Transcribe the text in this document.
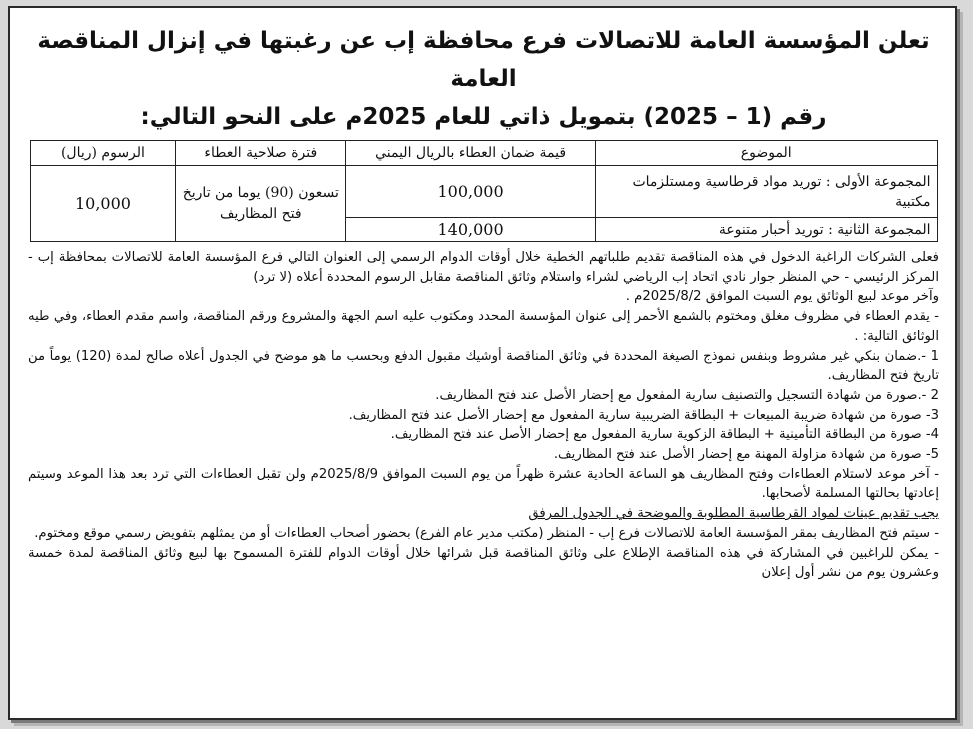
تعلن المؤسسة العامة للاتصالات فرع محافظة إب عن رغبتها في إنزال المناقصة العامة
رقم (1 – 2025) بتمويل ذاتي للعام 2025م على النحو التالي:
الموضوع	قيمة ضمان العطاء بالريال اليمني	فترة صلاحية العطاء	الرسوم (ريال)
المجموعة الأولى : توريد مواد قرطاسية ومستلزمات مكتبية	100,000	تسعون (90) يوما من تاريخ فتح المظاريف	10,000
المجموعة الثانية : توريد أحبار متنوعة	140,000		

فعلى الشركات الراغبة الدخول في هذه المناقصة تقديم طلباتهم الخطية خلال أوقات الدوام الرسمي إلى العنوان التالي فرع المؤسسة العامة للاتصالات بمحافظة إب - المركز الرئيسي - حي المنظر جوار نادي اتحاد إب الرياضي لشراء واستلام وثائق المناقصة مقابل الرسوم المحددة أعلاه (لا ترد)

وآخر موعد لبيع الوثائق يوم السبت الموافق 2025/8/2م .

- يقدم العطاء في مظروف مغلق ومختوم بالشمع الأحمر إلى عنوان المؤسسة المحدد ومكتوب عليه اسم الجهة والمشروع ورقم المناقصة، واسم مقدم العطاء، وفي طيه الوثائق التالية: .

1 -.ضمان بنكي غير مشروط وبنفس نموذج الصيغة المحددة في وثائق المناقصة أوشيك مقبول الدفع وبحسب ما هو موضح في الجدول أعلاه صالح لمدة (120) يوماً من تاريخ فتح المظاريف.

2 -.صورة من شهادة التسجيل والتصنيف سارية المفعول مع إحضار الأصل عند فتح المظاريف.

3- صورة من شهادة ضريبة المبيعات + البطاقة الضريبية سارية المفعول مع إحضار الأصل عند فتح المظاريف.

4- صورة من البطاقة التأمينية + البطاقة الزكوية سارية المفعول مع إحضار الأصل عند فتح المظاريف.

5- صورة من شهادة مزاولة المهنة مع إحضار الأصل عند فتح المظاريف.

- آخر موعد لاستلام العطاءات وفتح المظاريف هو الساعة الحادية عشرة ظهراً من يوم السبت الموافق 2025/8/9م ولن تقبل العطاءات التي ترد بعد هذا الموعد وسيتم إعادتها بحالتها المسلمة لأصحابها.

يجب تقديم عينات لمواد القرطاسية المطلوبة والموضحة في الجدول المرفق

- سيتم فتح المظاريف بمقر المؤسسة العامة للاتصالات فرع إب - المنظر (مكتب مدير عام الفرع) بحضور أصحاب العطاءات أو من يمثلهم بتفويض رسمي موقع ومختوم.

- يمكن للراغبين في المشاركة في هذه المناقصة الإطلاع على وثائق المناقصة قبل شرائها خلال أوقات الدوام للفترة المسموح بها لبيع وثائق المناقصة لمدة خمسة وعشرون يوم من نشر أول إعلان
